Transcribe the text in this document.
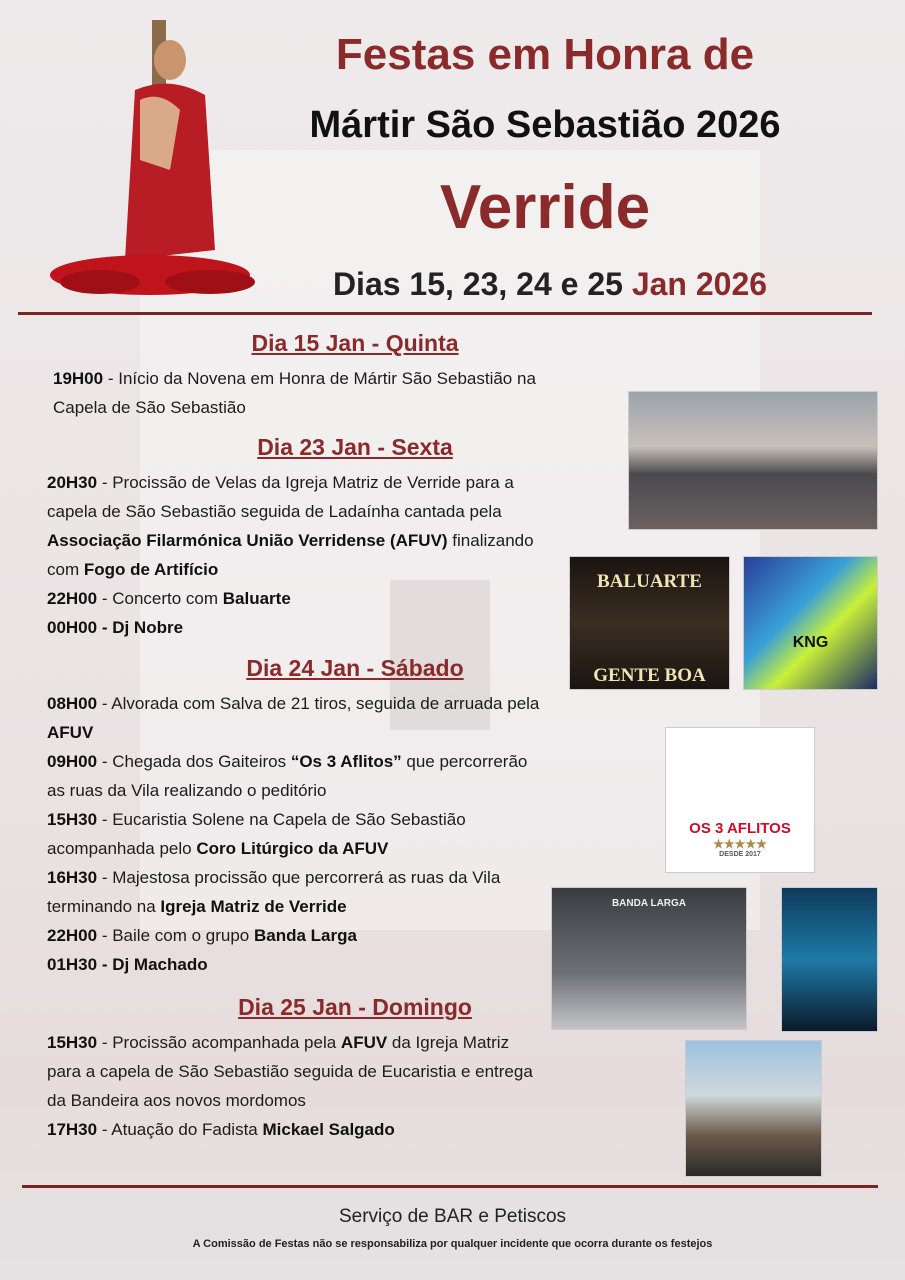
Festas em Honra de
Mártir São Sebastião 2026
Verride
Dias 15, 23, 24 e 25 Jan 2026
Dia 15 Jan - Quinta
19H00 - Início da Novena em Honra de Mártir São Sebastião na
Capela de São Sebastião
Dia 23 Jan - Sexta
20H30 - Procissão de Velas da Igreja Matriz de Verride para a
capela de São Sebastião seguida de Ladaínha cantada pela
Associação Filarmónica União Verridense (AFUV) finalizando
com Fogo de Artifício
22H00 - Concerto com Baluarte
00H00 - Dj Nobre
Dia 24 Jan - Sábado
08H00 - Alvorada com Salva de 21 tiros, seguida de arruada pela
AFUV
09H00 - Chegada dos Gaiteiros “Os 3 Aflitos” que percorrerão
as ruas da Vila realizando o peditório
15H30 - Eucaristia Solene na Capela de São Sebastião
acompanhada pelo Coro Litúrgico da AFUV
16H30 - Majestosa procissão que percorrerá as ruas da Vila
terminando na Igreja Matriz de Verride
22H00 - Baile com o grupo Banda Larga
01H30 - Dj Machado
Dia 25 Jan - Domingo
15H30 - Procissão acompanhada pela AFUV da Igreja Matriz
para a capela de São Sebastião seguida de Eucaristia e entrega
da Bandeira aos novos mordomos
17H30 - Atuação do Fadista Mickael Salgado
BALUARTE
GENTE BOA
KNG
OS 3 AFLITOS
★★★★★
DESDE 2017
BANDA LARGA
Serviço de BAR e Petiscos
A Comissão de Festas não se responsabiliza por qualquer incidente que ocorra durante os festejos
